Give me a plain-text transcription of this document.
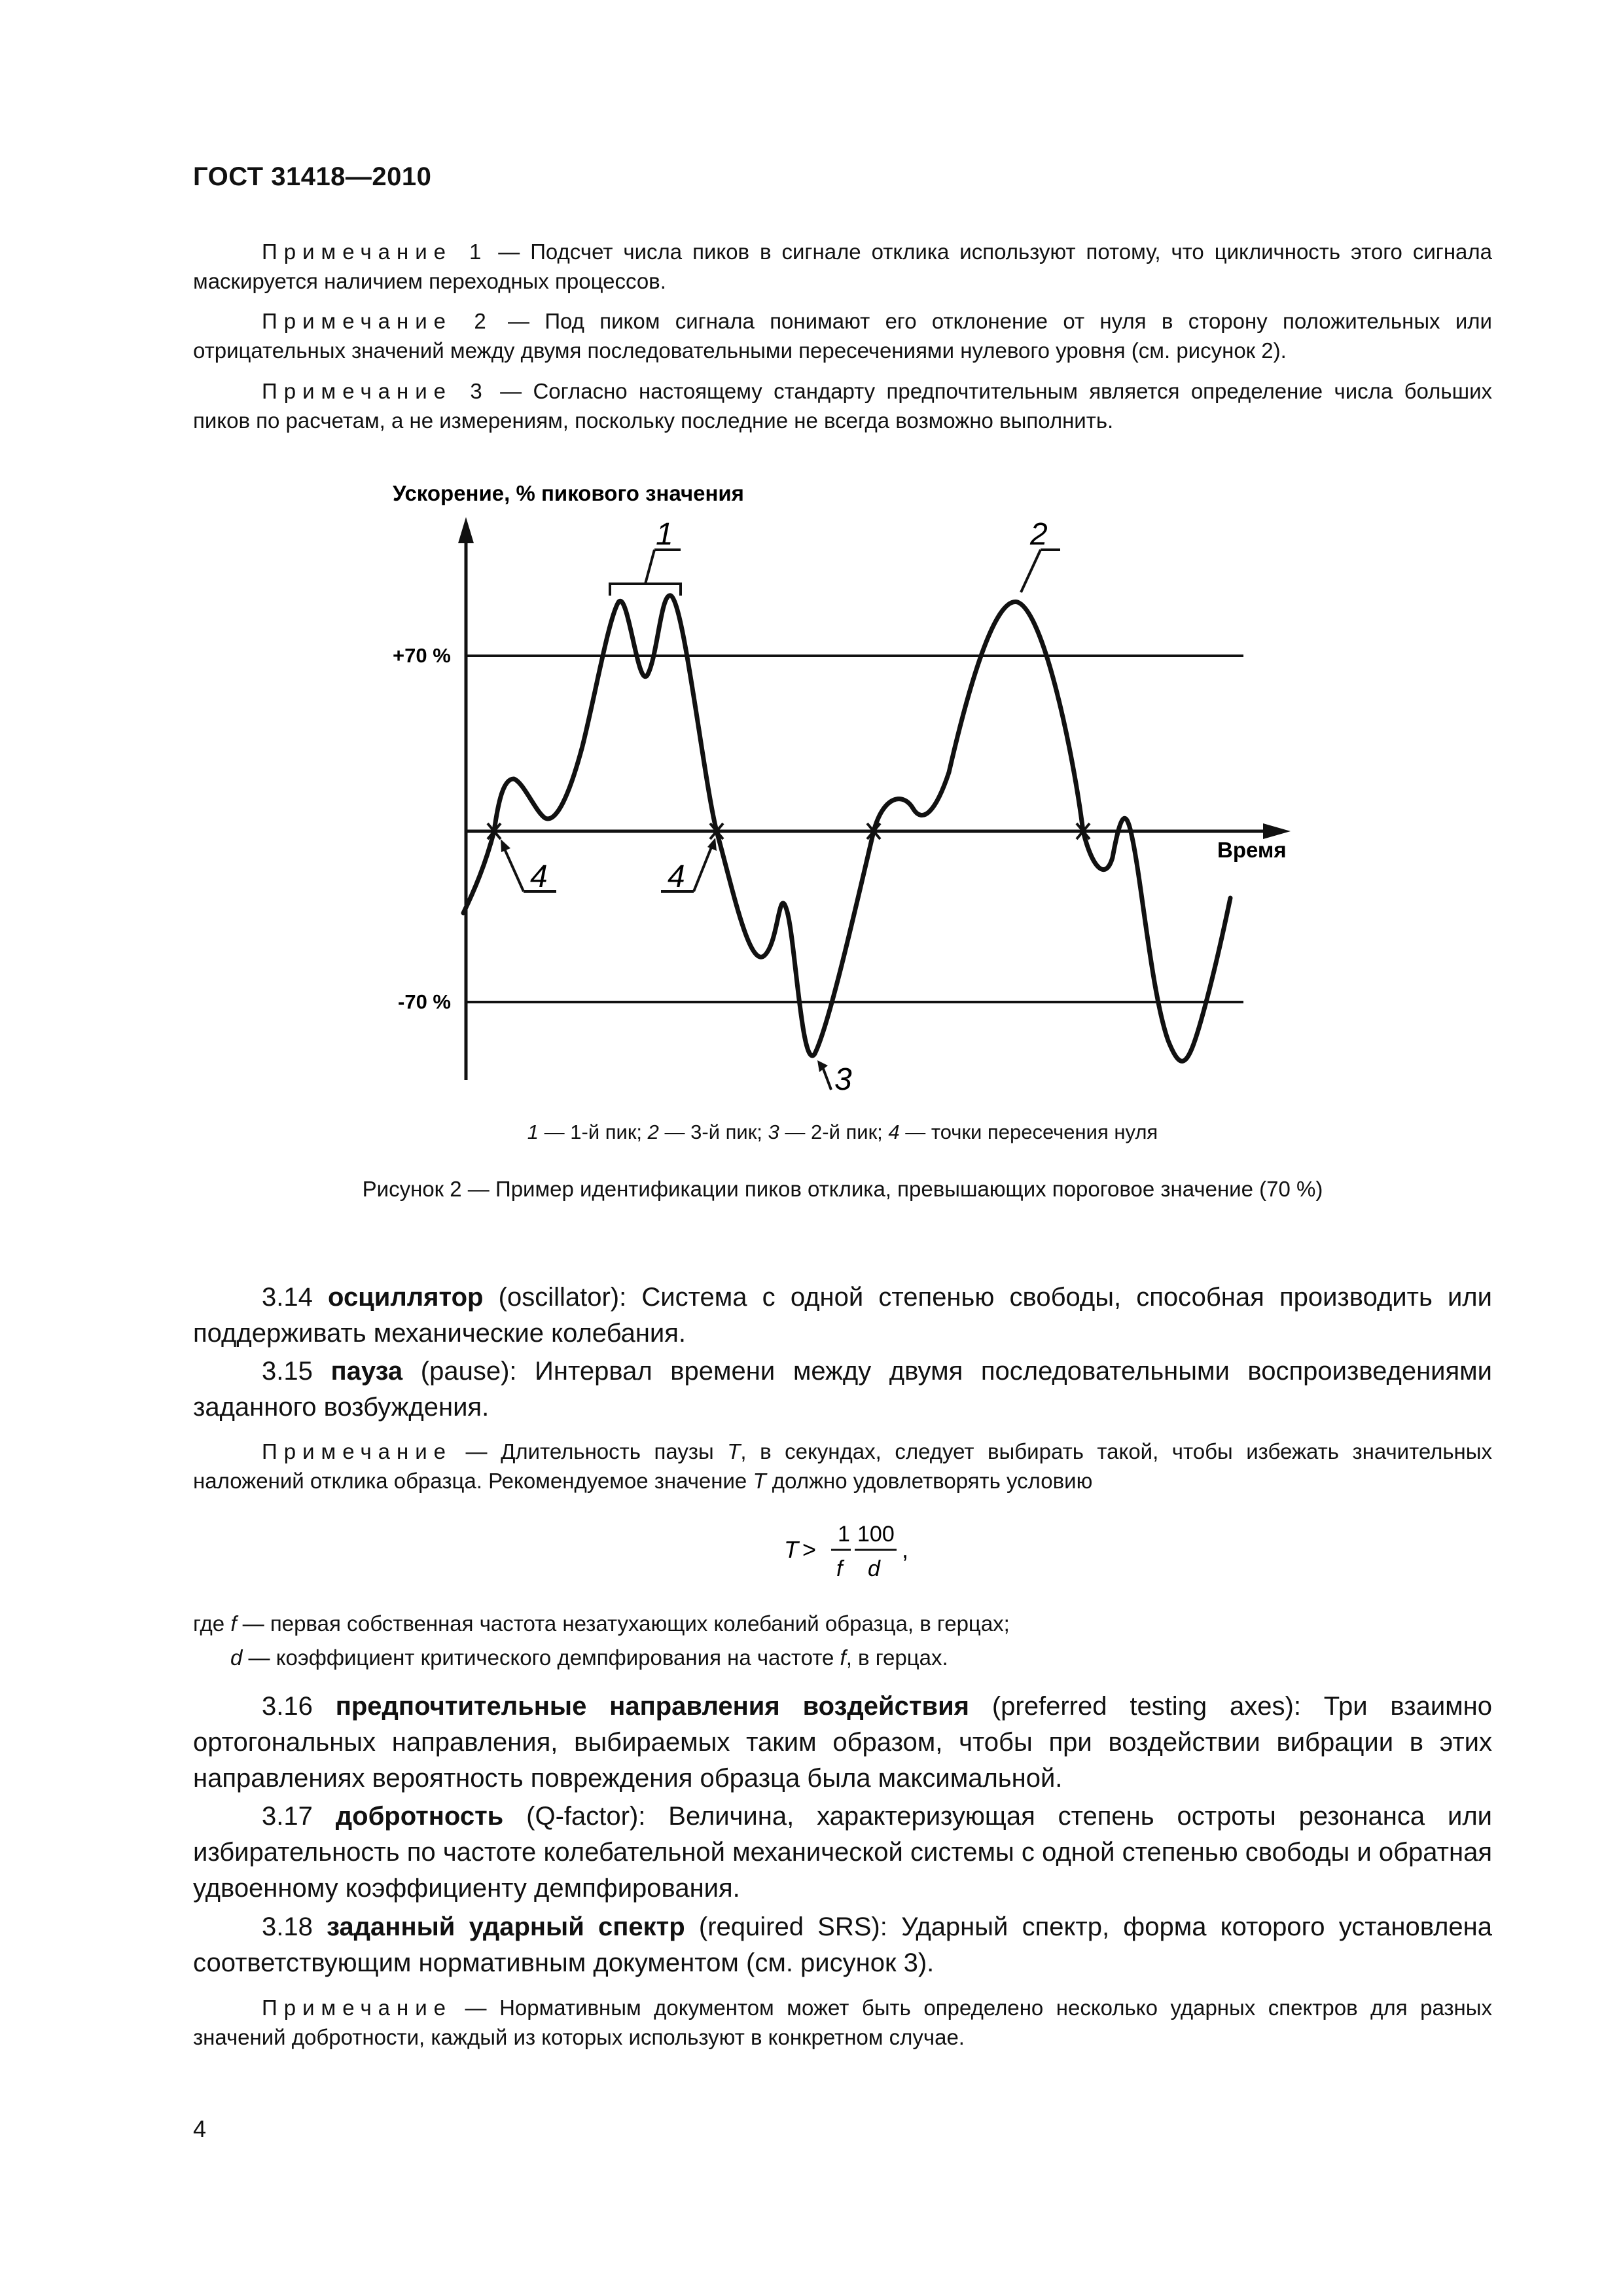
ГОСТ 31418—2010
Примечание 1 — Подсчет числа пиков в сигнале отклика используют потому, что цикличность этого сигнала маскируется наличием переходных процессов.
Примечание 2 — Под пиком сигнала понимают его отклонение от нуля в сторону положительных или отрицательных значений между двумя последовательными пересечениями нулевого уровня (см. рисунок 2).
Примечание 3 — Согласно настоящему стандарту предпочтительным является определение числа больших пиков по расчетам, а не измерениям, поскольку последние не всегда возможно выполнить.
Ускорение, % пикового значения
Время
+70 %
-70 %
1	2
3
4	4
1 — 1-й пик; 2 — 3-й пик; 3 — 2-й пик; 4 — точки пересечения нуля
Рисунок 2 — Пример идентификации пиков отклика, превышающих пороговое значение (70 %)
3.14 осциллятор (oscillator): Система с одной степенью свободы, способная производить или поддерживать механические колебания.
3.15 пауза (pause): Интервал времени между двумя последовательными воспроизведениями заданного возбуждения.
Примечание — Длительность паузы T, в секундах, следует выбирать такой, чтобы избежать значительных наложений отклика образца. Рекомендуемое значение T должно удовлетворять условию
T >
1 100
f d
,
где f — первая собственная частота незатухающих колебаний образца, в герцах;
d — коэффициент критического демпфирования на частоте f, в герцах.
3.16 предпочтительные направления воздействия (preferred testing axes): Три взаимно ортогональных направления, выбираемых таким образом, чтобы при воздействии вибрации в этих направлениях вероятность повреждения образца была максимальной.
3.17 добротность (Q-factor): Величина, характеризующая степень остроты резонанса или избирательность по частоте колебательной механической системы с одной степенью свободы и обратная удвоенному коэффициенту демпфирования.
3.18 заданный ударный спектр (required SRS): Ударный спектр, форма которого установлена соответствующим нормативным документом (см. рисунок 3).
Примечание — Нормативным документом может быть определено несколько ударных спектров для разных значений добротности, каждый из которых используют в конкретном случае.
4
